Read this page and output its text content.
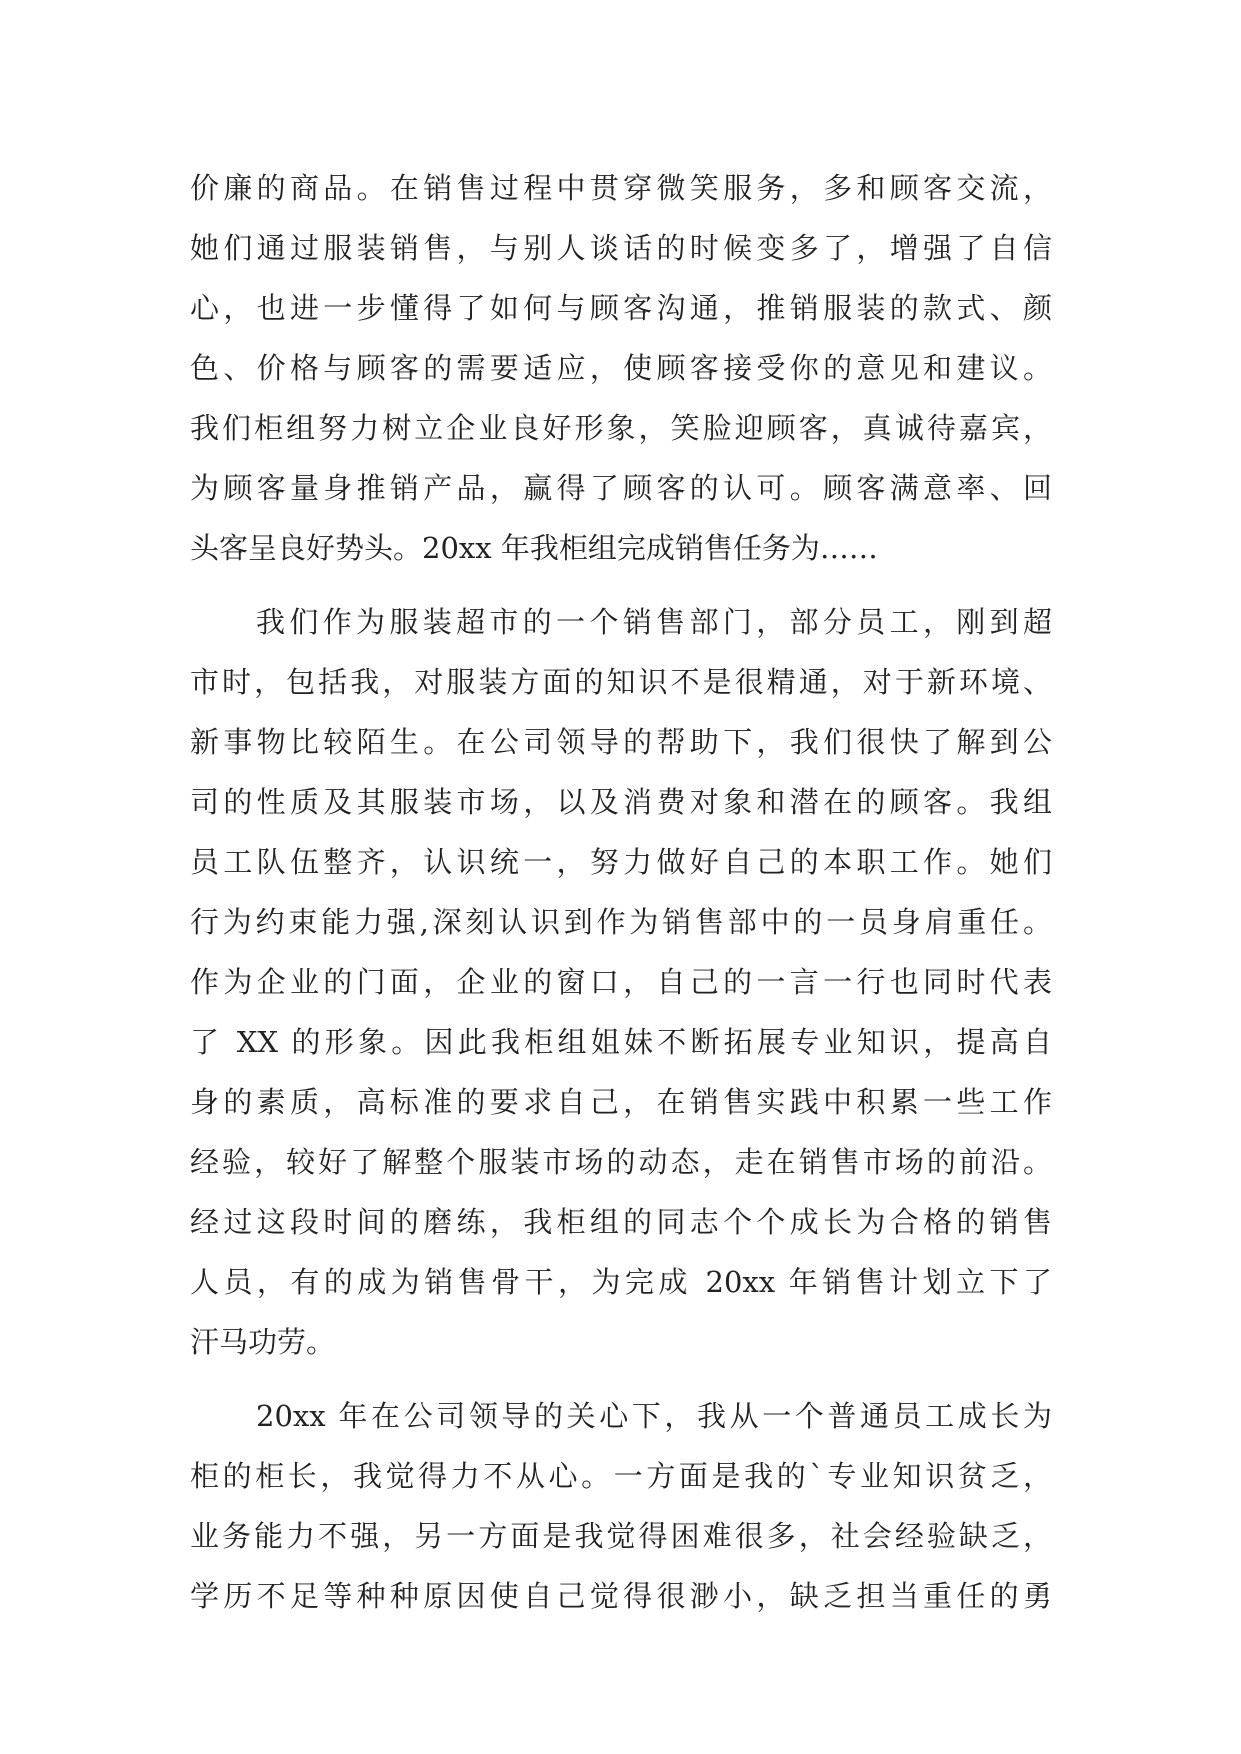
价廉的商品。在销售过程中贯穿微笑服务，多和顾客交流，
她们通过服装销售，与别人谈话的时候变多了，增强了自信
心，也进一步懂得了如何与顾客沟通，推销服装的款式、颜
色、价格与顾客的需要适应，使顾客接受你的意见和建议。
我们柜组努力树立企业良好形象，笑脸迎顾客，真诚待嘉宾，
为顾客量身推销产品，赢得了顾客的认可。顾客满意率、回
头客呈良好势头。20xx 年我柜组完成销售任务为……
我们作为服装超市的一个销售部门，部分员工，刚到超
市时，包括我，对服装方面的知识不是很精通，对于新环境、
新事物比较陌生。在公司领导的帮助下，我们很快了解到公
司的性质及其服装市场，以及消费对象和潜在的顾客。我组
员工队伍整齐，认识统一，努力做好自己的本职工作。她们
行为约束能力强,深刻认识到作为销售部中的一员身肩重任。
作为企业的门面，企业的窗口，自己的一言一行也同时代表
了 XX 的形象。因此我柜组姐妹不断拓展专业知识，提高自
身的素质，高标准的要求自己，在销售实践中积累一些工作
经验，较好了解整个服装市场的动态，走在销售市场的前沿。
经过这段时间的磨练，我柜组的同志个个成长为合格的销售
人员，有的成为销售骨干，为完成 20xx 年销售计划立下了
汗马功劳。
20xx 年在公司领导的关心下，我从一个普通员工成长为
柜的柜长，我觉得力不从心。一方面是我的`专业知识贫乏，
业务能力不强，另一方面是我觉得困难很多，社会经验缺乏，
学历不足等种种原因使自己觉得很渺小，缺乏担当重任的勇
